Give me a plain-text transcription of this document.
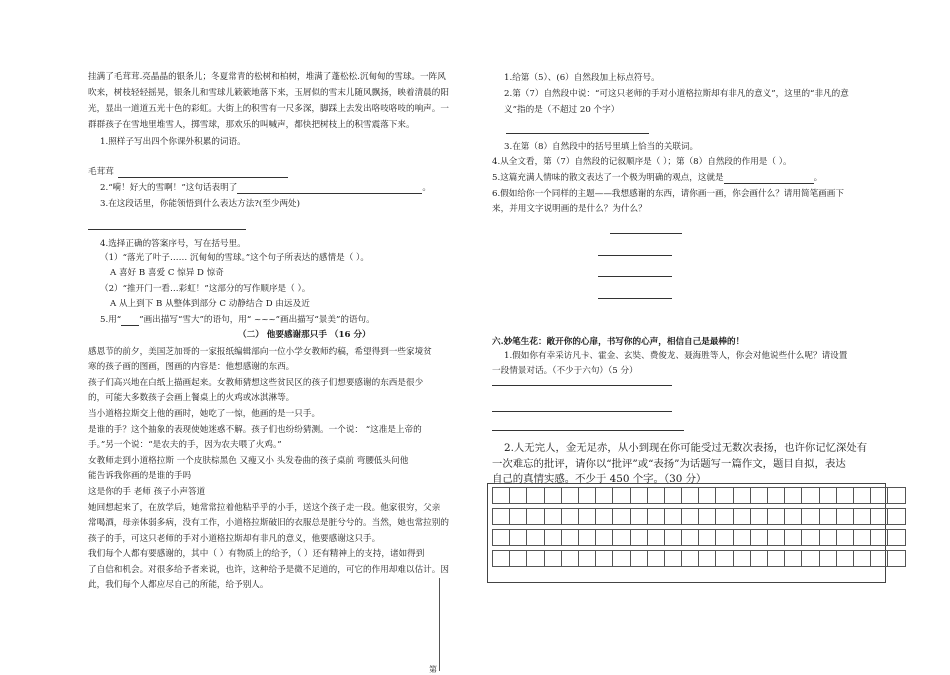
挂满了毛茸茸.亮晶晶的银条儿；冬夏常青的松树和柏树，堆满了蓬松松.沉甸甸的雪球。一阵风
吹来，树枝轻轻摇晃，银条儿和雪球儿簌簌地落下来，玉屑似的雪末儿随风飘扬，映着清晨的阳
光，显出一道道五光十色的彩虹。大街上的积雪有一尺多深，脚踩上去发出咯吱咯吱的响声。一
群群孩子在雪地里堆雪人，掷雪球，那欢乐的叫喊声，都快把树枝上的积雪震落下来。
1.照样子写出四个你课外积累的词语。
毛茸茸
2.“嗬！好大的雪啊！”这句话表明了	。
3.在这段话里，你能领悟到什么表达方法?(至少两处)
4.选择正确的答案序号，写在括号里。
（1）“落光了叶子…… 沉甸甸的雪球。”这个句子所表达的感情是（ ）。
A 喜好 B 喜爱 C 惊异 D 惊奇
（2）“推开门一看…彩虹！”这部分的写作顺序是（ ）。
A 从上到下 B 从整体到部分 C 动静结合 D 由远及近
5.用“ ”画出描写“雪大”的语句，用“ ~~~”画出描写“景美”的语句。
（二） 他要感谢那只手 （16 分）
感恩节的前夕，美国芝加哥的一家报纸编辑部向一位小学女教师约稿，希望得到一些家境贫
寒的孩子画的图画，图画的内容是：他想感谢的东西。
孩子们高兴地在白纸上描画起来。女教师猜想这些贫民区的孩子们想要感谢的东西是很少
的，可能大多数孩子会画上餐桌上的火鸡或冰淇淋等。
当小道格拉斯交上他的画时，她吃了一惊，他画的是一只手。
是谁的手？这个抽象的表现使她迷惑不解。孩子们也纷纷猜测。一个说： “这准是上帝的
手。”另一个说：“是农夫的手，因为农夫喂了火鸡。”
女教师走到小道格拉斯 一个皮肤棕黑色 又瘦又小 头发卷曲的孩子桌前 弯腰低头问他
能告诉我你画的是谁的手吗
这是你的手 老师 孩子小声答道
她回想起来了，在放学后，她常常拉着他粘乎乎的小手，送这个孩子走一段。他家很穷，父亲
常喝酒，母亲体弱多病，没有工作，小道格拉斯破旧的衣服总是脏兮兮的。当然，她也常拉别的
孩子的手，可这只老师的手对小道格拉斯却有非凡的意义，他要感谢这只手。
我们每个人都有要感谢的，其中（ ）有物质上的给予，（ ）还有精神上的支持，诸如得到
了自信和机会。对很多给予者来说，也许，这种给予是微不足道的，可它的作用却难以估计。因
此，我们每个人都应尽自己的所能，给予别人。
1.给第（5）、(6）自然段加上标点符号。
2.第（7）自然段中说：“可这只老师的手对小道格拉斯却有非凡的意义”，这里的“非凡的意
义”指的是（不超过 20 个字）
3.在第（8）自然段中的括号里填上恰当的关联词。
4.从全文看，第（7）自然段的记叙顺序是（ ）；第（8）自然段的作用是（ ）。
5.这篇充满人情味的散文表达了一个极为明确的观点，这就是	。
6.假如给你一个同样的主题——我想感谢的东西，请你画一画，你会画什么？请用简笔画画下
来，并用文字说明画的是什么？为什么？
六.妙笔生花：敞开你的心扉，书写你的心声，相信自己是最棒的！
1.假如你有幸采访凡卡、霍金、玄奘、费俊龙、聂海胜等人，你会对他说些什么呢？请设置
一段情景对话。（不少于六句）（5 分）
2.人无完人，金无足赤，从小到现在你可能受过无数次表扬，也许你记忆深处有
一次难忘的批评，请你以“批评”或“表扬”为话题写一篇作文，题目自拟，表达
自己的真情实感。不少于 450 个字。（30 分）

第
